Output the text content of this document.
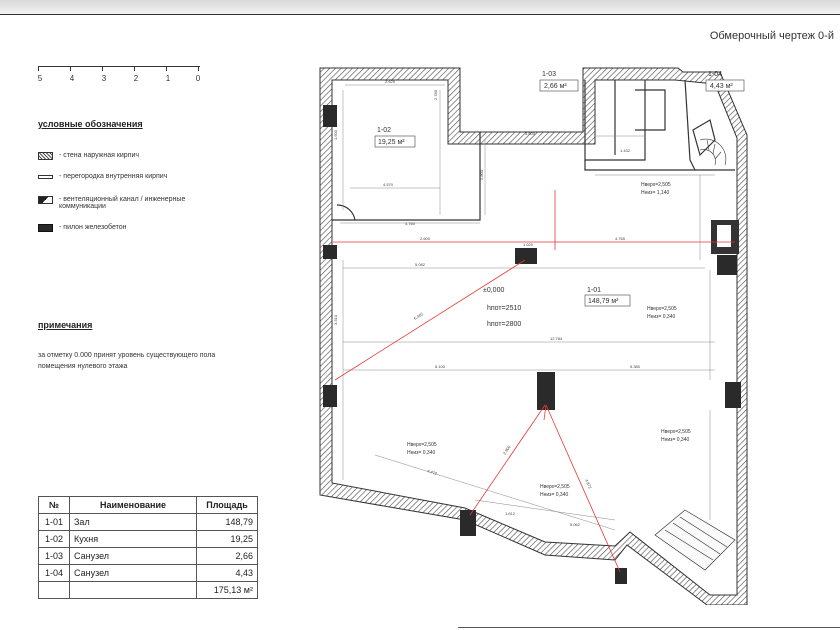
Обмерочный чертеж 0-й
5	4	3	2	1	0
условные обозначения
- стена наружная кирпич
- перегородка внутренняя кирпич
- вентеляционный канал / инженерные коммуникации
- пилон железобетон
примечания
за отметку 0.000 принят уровень существующего пола помещения нулевого этажа
№	Наименование	Площадь
1-01	Зал	148,79
1-02	Кухня	19,25
1-03	Санузел	2,66
1-04	Санузел	4,43
		175,13 м²
2.620
1.600
2.780
3.600
4.570
4.760
2.600
2.800
4.765
5.082
12.784
6.100	5.380
6.402
4.472
2.900
4.872
1.612
5.062
1.432
1.020
3.310
1-02
19,25 м²
1-03
2,66 м²
1-04
4,43 м²
1-01
148,79 м²
±0,000
hпот=2510
hпот=2800
Hверх=2,505
Hниз= 1,140
Hверх=2,505
Hниз= 0,340
Hверх=2,505
Hниз= 0,340
Hверх=2,505
Hниз= 0,340
Hверх=2,505
Hниз= 0,340
